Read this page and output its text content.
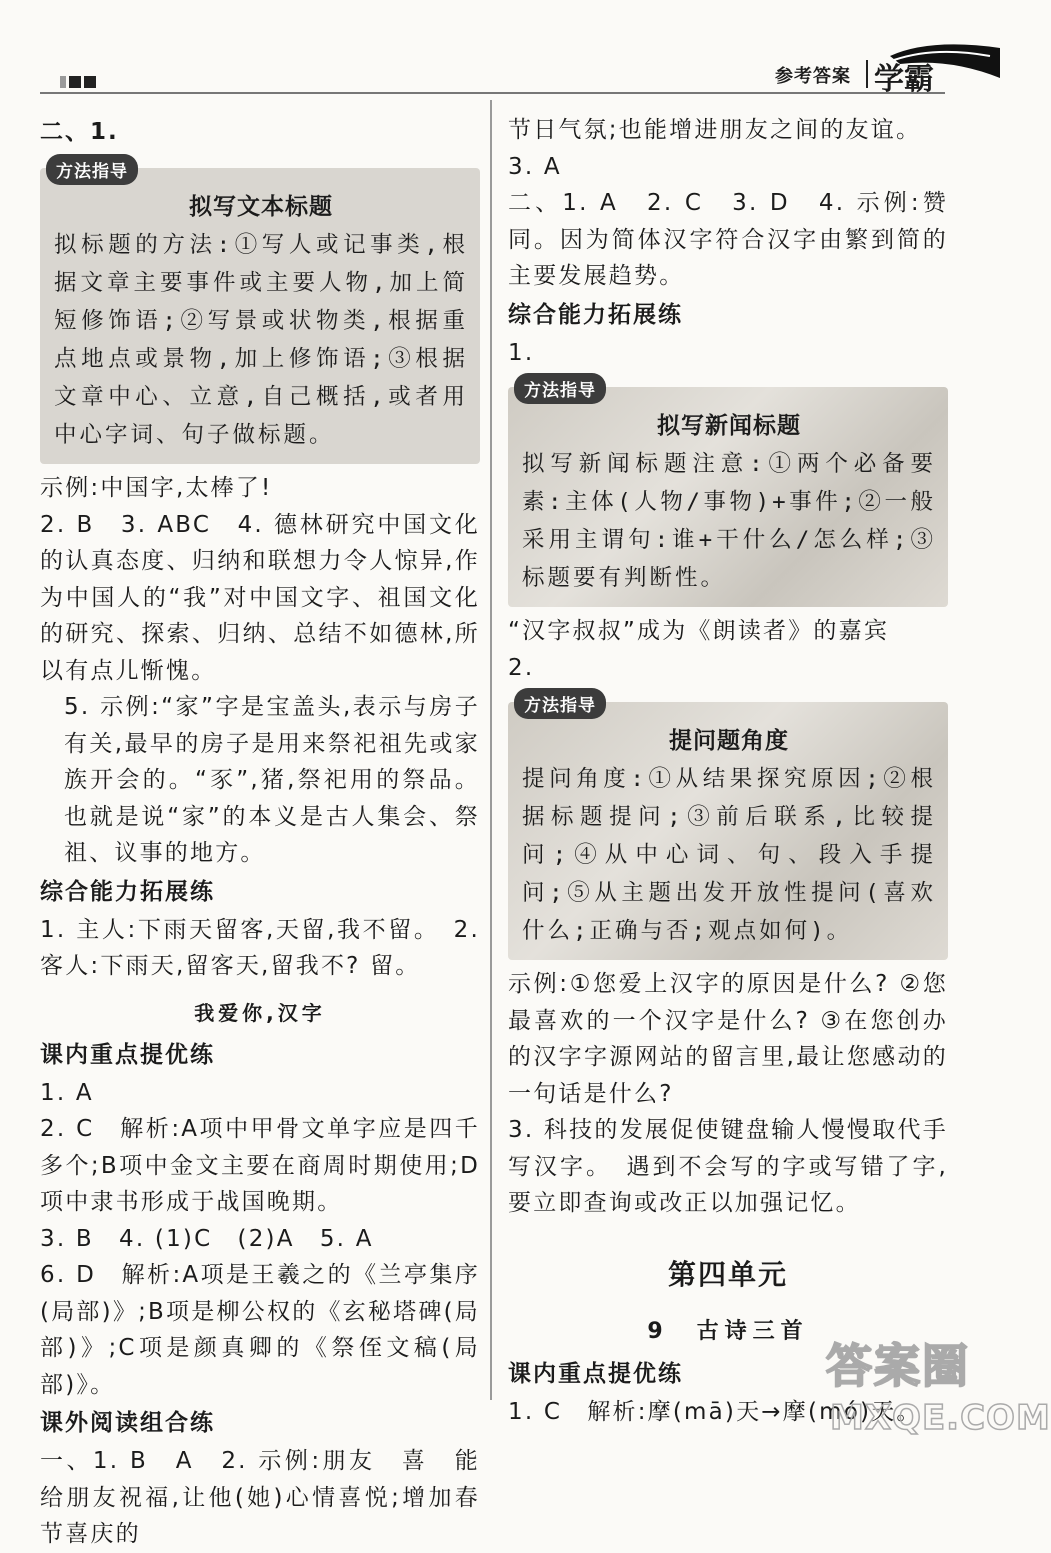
参考答案 学霸
二、1.
方法指导
拟写文本标题
拟标题的方法:①写人或记事类,根据文章主要事件或主要人物,加上简短修饰语;②写景或状物类,根据重点地点或景物,加上修饰语;③根据文章中心、立意,自己概括,或者用中心字词、句子做标题。
示例:中国字,太棒了!
2. B　3. ABC　4. 德林研究中国文化的认真态度、归纳和联想力令人惊异,作为中国人的“我”对中国文字、祖国文化的研究、探索、归纳、总结不如德林,所以有点儿惭愧。
5. 示例:“家”字是宝盖头,表示与房子有关,最早的房子是用来祭祀祖先或家族开会的。“豕”,猪,祭祀用的祭品。也就是说“家”的本义是古人集会、祭祖、议事的地方。
综合能力拓展练
1. 主人:下雨天留客,天留,我不留。　2. 客人:下雨天,留客天,留我不? 留。
我爱你,汉字
课内重点提优练
1. A
2. C　解析:A项中甲骨文单字应是四千多个;B项中金文主要在商周时期使用;D项中隶书形成于战国晚期。
3. B　4. (1)C　(2)A　5. A
6. D　解析:A项是王羲之的《兰亭集序(局部)》;B项是柳公权的《玄秘塔碑(局部)》;C项是颜真卿的《祭侄文稿(局部)》。
课外阅读组合练
一、1. B　A　2. 示例:朋友　喜　能给朋友祝福,让他(她)心情喜悦;增加春节喜庆的
节日气氛;也能增进朋友之间的友谊。
3. A
二、1. A　2. C　3. D　4. 示例:赞同。因为简体汉字符合汉字由繁到简的主要发展趋势。
综合能力拓展练
1.
方法指导
拟写新闻标题
拟写新闻标题注意:①两个必备要素:主体(人物/事物)+事件;②一般采用主谓句:谁+干什么/怎么样;③标题要有判断性。
“汉字叔叔”成为《朗读者》的嘉宾
2.
方法指导
提问题角度
提问角度:①从结果探究原因;②根据标题提问;③前后联系,比较提问;④从中心词、句、段入手提问;⑤从主题出发开放性提问(喜欢什么;正确与否;观点如何)。
示例:①您爱上汉字的原因是什么? ②您最喜欢的一个汉字是什么? ③在您创办的汉字字源网站的留言里,最让您感动的一句话是什么?
3. 科技的发展促使键盘输人慢慢取代手写汉字。　遇到不会写的字或写错了字,要立即查询或改正以加强记忆。
第四单元
9　古诗三首
课内重点提优练
1. C　解析:摩(mā)天→摩(mó)天。
答案圈
MXQE.COM
